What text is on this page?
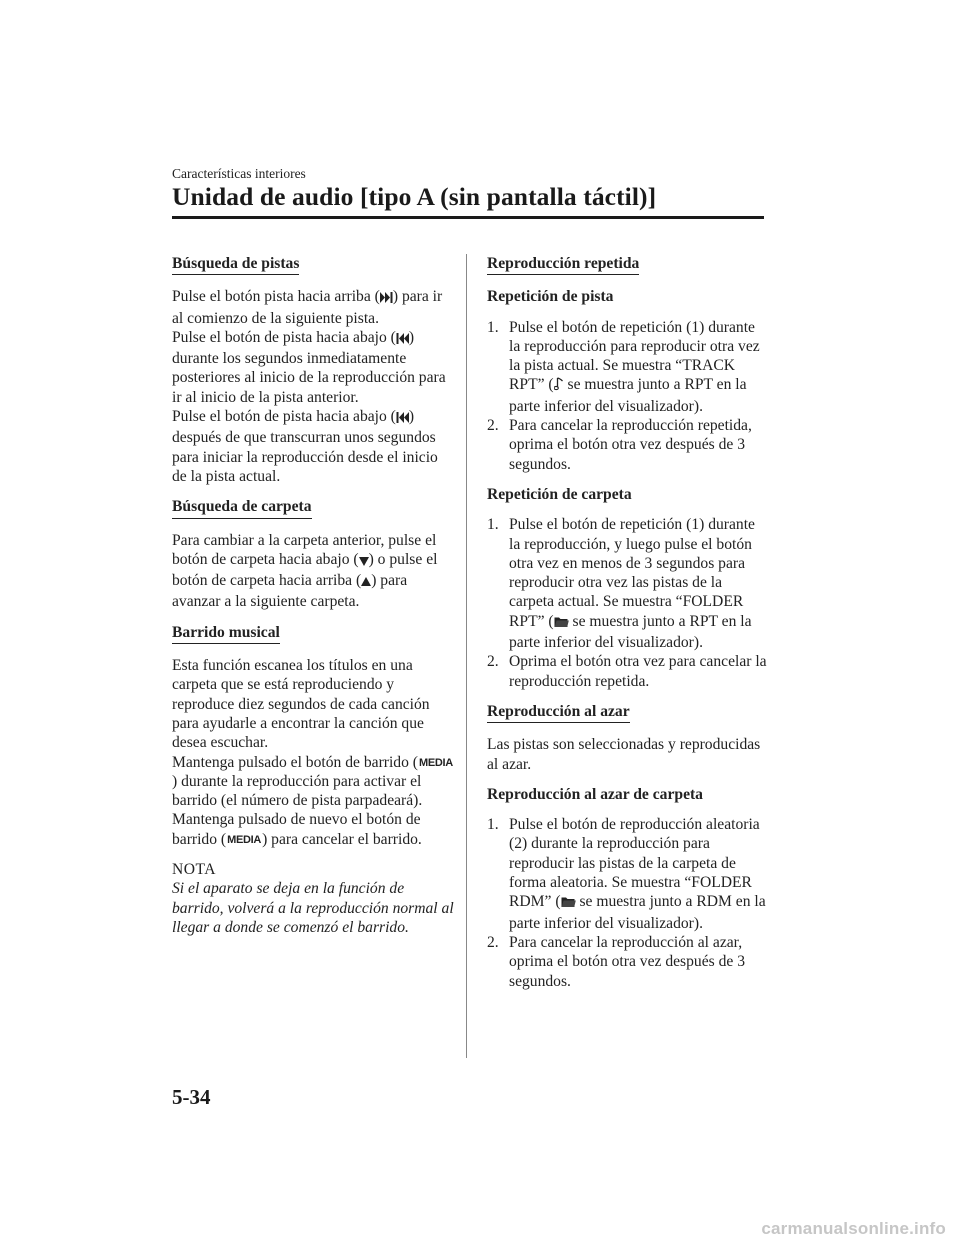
Características interiores
Unidad de audio [tipo A (sin pantalla táctil)]
Búsqueda de pistas

Pulse el botón pista hacia arriba ( ) para ir al comienzo de la siguiente pista.
Pulse el botón de pista hacia abajo ( ) durante los segundos inmediatamente posteriores al inicio de la reproducción para ir al inicio de la pista anterior.
Pulse el botón de pista hacia abajo ( ) después de que transcurran unos segundos para iniciar la reproducción desde el inicio de la pista actual.

Búsqueda de carpeta

Para cambiar a la carpeta anterior, pulse el botón de carpeta hacia abajo ( ) o pulse el botón de carpeta hacia arriba ( ) para avanzar a la siguiente carpeta.

Barrido musical

Esta función escanea los títulos en una carpeta que se está reproduciendo y reproduce diez segundos de cada canción para ayudarle a encontrar la canción que desea escuchar.
Mantenga pulsado el botón de barrido (MEDIA) durante la reproducción para activar el barrido (el número de pista parpadeará). Mantenga pulsado de nuevo el botón de barrido (MEDIA) para cancelar el barrido.

NOTA

Si el aparato se deja en la función de barrido, volverá a la reproducción normal al llegar a donde se comenzó el barrido.

Reproducción repetida
Repetición de pista
1. Pulse el botón de repetición (1) durante la reproducción para reproducir otra vez la pista actual. Se muestra “TRACK RPT” ( se muestra junto a RPT en la parte inferior del visualizador).
2. Para cancelar la reproducción repetida, oprima el botón otra vez después de 3 segundos.
Repetición de carpeta
1. Pulse el botón de repetición (1) durante la reproducción, y luego pulse el botón otra vez en menos de 3 segundos para reproducir otra vez las pistas de la carpeta actual. Se muestra “FOLDER RPT” ( se muestra junto a RPT en la parte inferior del visualizador).
2. Oprima el botón otra vez para cancelar la reproducción repetida.
Reproducción al azar

Las pistas son seleccionadas y reproducidas al azar.

Reproducción al azar de carpeta
1. Pulse el botón de reproducción aleatoria (2) durante la reproducción para reproducir las pistas de la carpeta de forma aleatoria. Se muestra “FOLDER RDM” ( se muestra junto a RDM en la parte inferior del visualizador).
2. Para cancelar la reproducción al azar, oprima el botón otra vez después de 3 segundos.
5-34
carmanualsonline.info
